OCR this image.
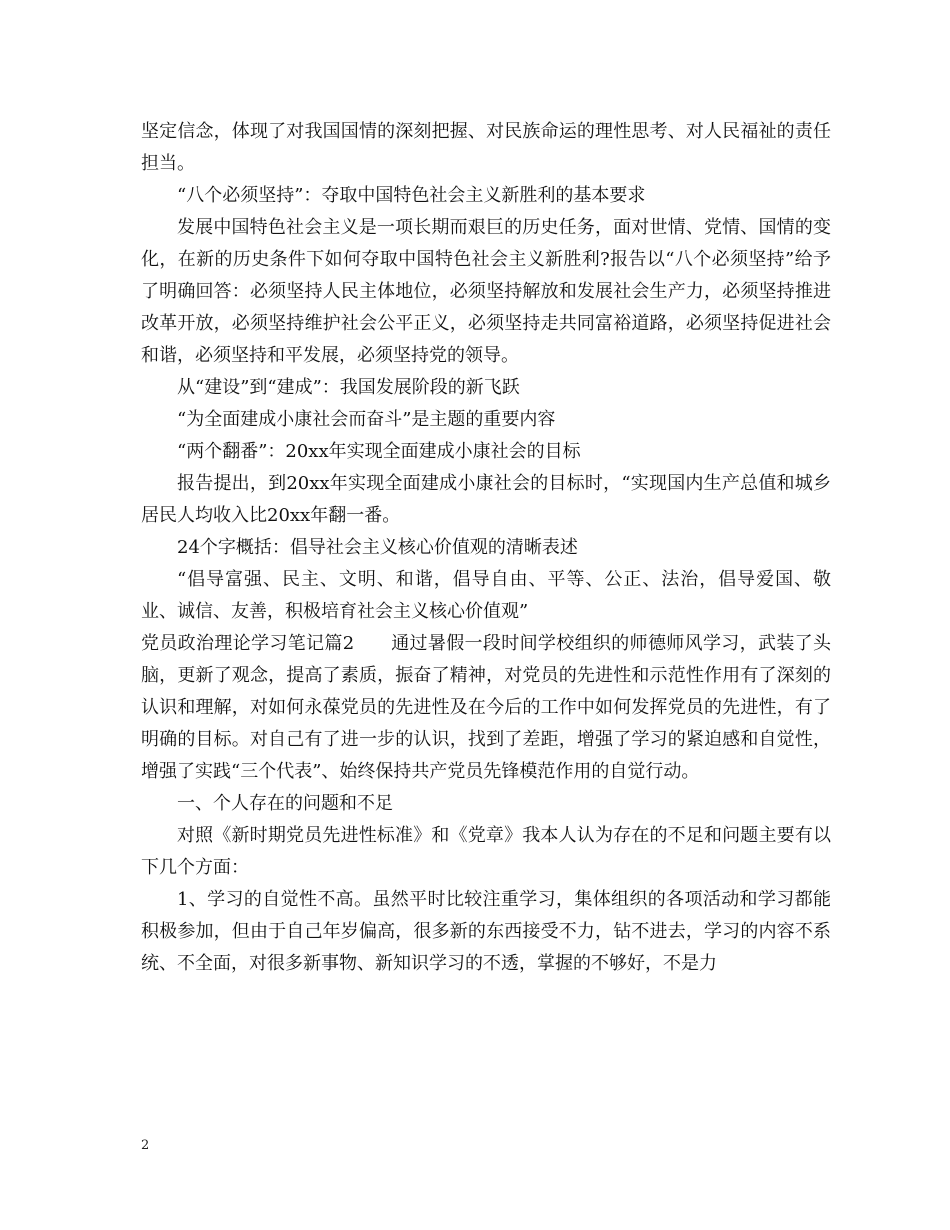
坚定信念，体现了对我国国情的深刻把握、对民族命运的理性思考、对人民福祉的责任担当。

“八个必须坚持”：夺取中国特色社会主义新胜利的基本要求

发展中国特色社会主义是一项长期而艰巨的历史任务，面对世情、党情、国情的变化，在新的历史条件下如何夺取中国特色社会主义新胜利?报告以“八个必须坚持”给予了明确回答：必须坚持人民主体地位，必须坚持解放和发展社会生产力，必须坚持推进改革开放，必须坚持维护社会公平正义，必须坚持走共同富裕道路，必须坚持促进社会和谐，必须坚持和平发展，必须坚持党的领导。

从“建设”到“建成”：我国发展阶段的新飞跃

“为全面建成小康社会而奋斗”是主题的重要内容

“两个翻番”：20xx年实现全面建成小康社会的目标

报告提出，到20xx年实现全面建成小康社会的目标时，“实现国内生产总值和城乡居民人均收入比20xx年翻一番。

24个字概括：倡导社会主义核心价值观的清晰表述

“倡导富强、民主、文明、和谐，倡导自由、平等、公正、法治，倡导爱国、敬业、诚信、友善，积极培育社会主义核心价值观”

党员政治理论学习笔记篇2　　通过暑假一段时间学校组织的师德师风学习，武装了头脑，更新了观念，提高了素质，振奋了精神，对党员的先进性和示范性作用有了深刻的认识和理解，对如何永葆党员的先进性及在今后的工作中如何发挥党员的先进性，有了明确的目标。对自己有了进一步的认识，找到了差距，增强了学习的紧迫感和自觉性，增强了实践“三个代表”、始终保持共产党员先锋模范作用的自觉行动。

一、个人存在的问题和不足

对照《新时期党员先进性标准》和《党章》我本人认为存在的不足和问题主要有以下几个方面：

1、学习的自觉性不高。虽然平时比较注重学习，集体组织的各项活动和学习都能积极参加，但由于自己年岁偏高，很多新的东西接受不力，钻不进去，学习的内容不系统、不全面，对很多新事物、新知识学习的不透，掌握的不够好，不是力

2
